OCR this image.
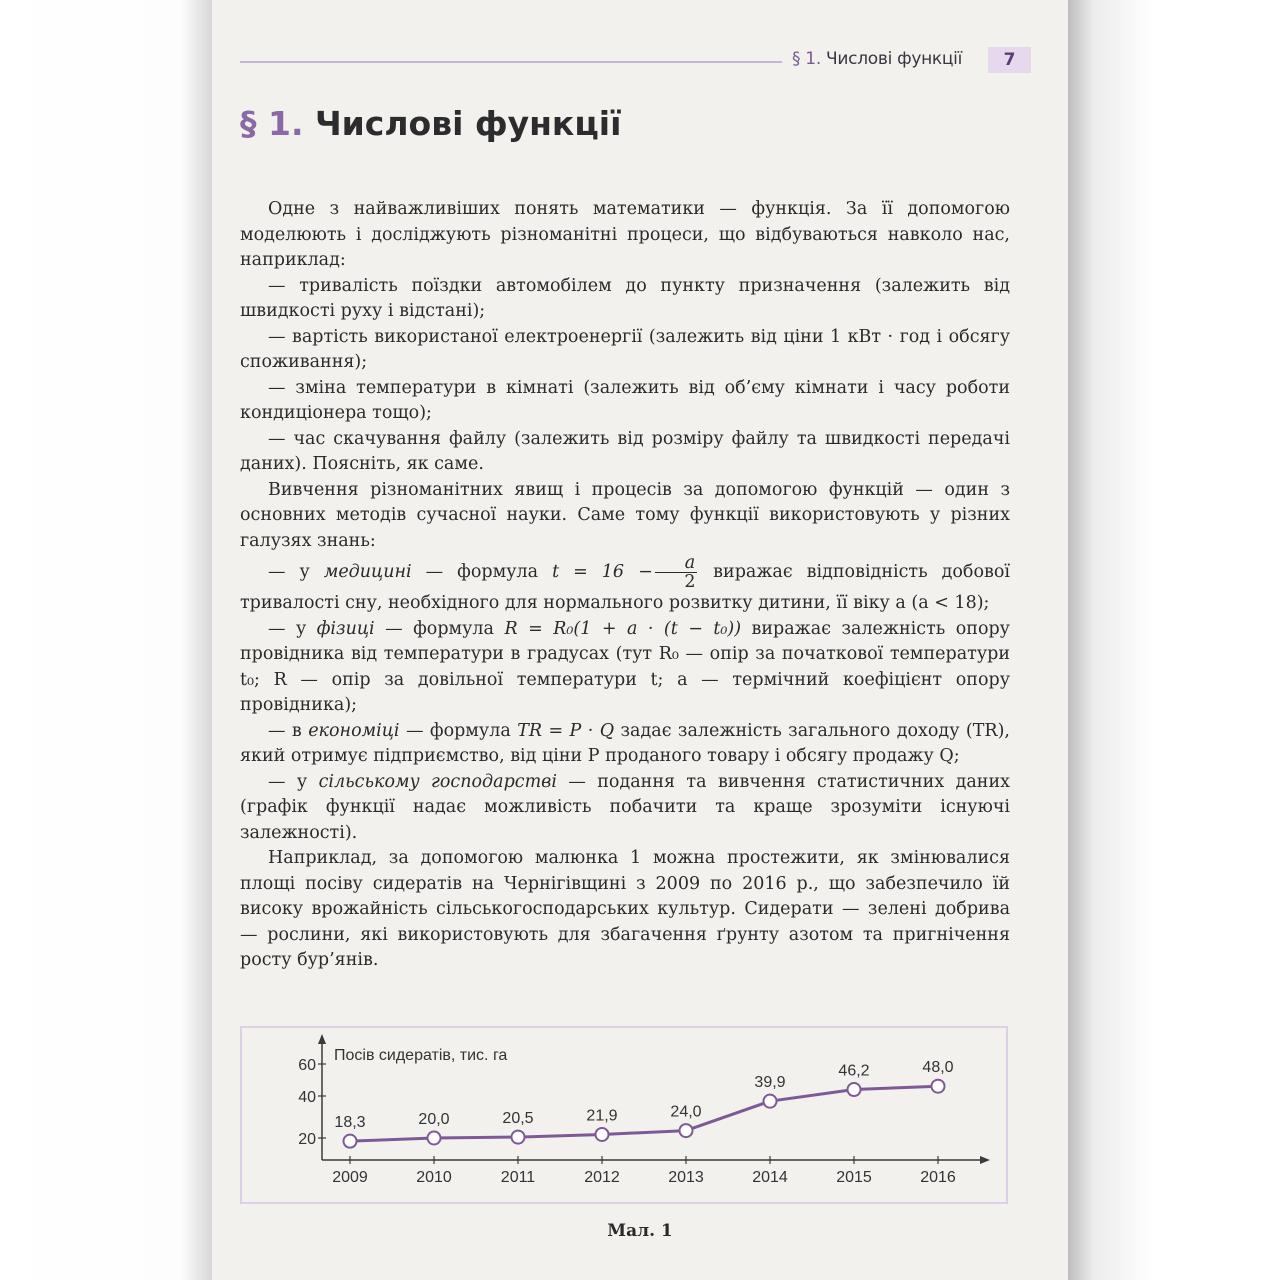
§ 1. Числові функції	7
§ 1. Числові функції

Одне з найважливіших понять математики — функція. За її допомогою моделюють і досліджують різноманітні процеси, що відбуваються навколо нас, наприклад:

— тривалість поїздки автомобілем до пункту призначення (залежить від швидкості руху і відстані);

— вартість використаної електроенергії (залежить від ціни 1 кВт · год і обсягу споживання);

— зміна температури в кімнаті (залежить від об’єму кімнати і часу роботи кондиціонера тощо);

— час скачування файлу (залежить від розміру файлу та швидкості передачі даних). Поясніть, як саме.

Вивчення різноманітних явищ і процесів за допомогою функцій — один з основних методів сучасної науки. Саме тому функції використовують у різних галузях знань:

— у медицині — формула $t = 16 - \frac{a}{2}$ виражає відповідність добової тривалості сну, необхідного для нормального розвитку дитини, її віку a (a < 18);

— у фізиці — формула R = R₀(1 + a · (t − t₀)) виражає залежність опору провідника від температури в градусах (тут R₀ — опір за початкової температури t₀; R — опір за довільної температури t; a — термічний коефіцієнт опору провідника);

— в економіці — формула TR = P · Q задає залежність загального доходу (TR), який отримує підприємство, від ціни P проданого товару і обсягу продажу Q;

— у сільському господарстві — подання та вивчення статистичних даних (графік функції надає можливість побачити та краще зрозуміти існуючі залежності).

Наприклад, за допомогою малюнка 1 можна простежити, як змінювалися площі посіву сидератів на Чернігівщині з 2009 по 2016 р., що забезпечило їй високу врожайність сільськогосподарських культур. Сидерати — зелені добрива — рослини, які використовують для збагачення ґрунту азотом та пригнічення росту бур’янів.

Посів сидератів, тис. га
20
40
60
2009	2010	2011	2012	2013	2014	2015	2016
18,3	20,0	20,5	21,9	24,0
39,9
46,2	48,0
Мал. 1
